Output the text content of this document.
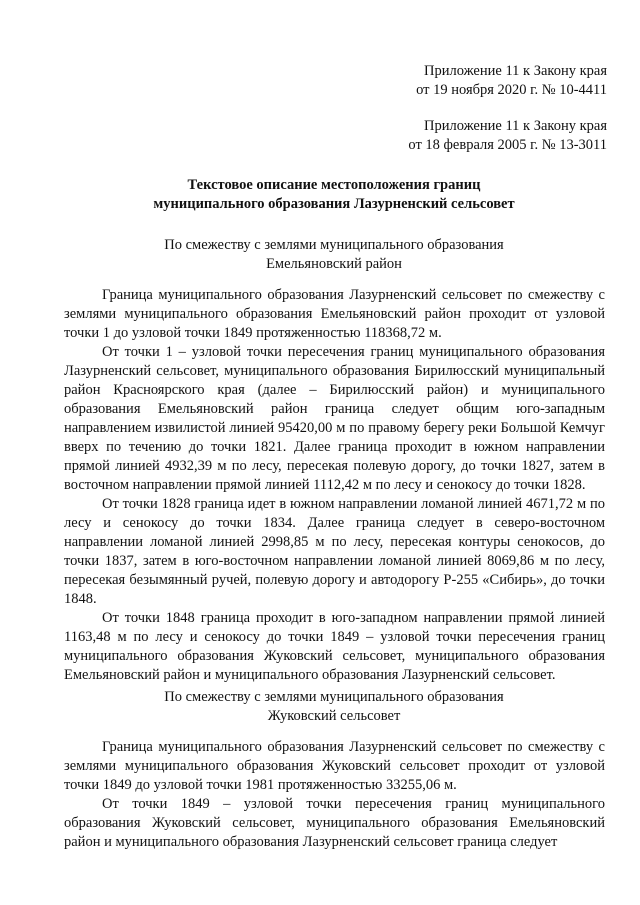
Приложение 11 к Закону края

от 19 ноября 2020 г. № 10-4411

Приложение 11 к Закону края

от 18 февраля 2005 г. № 13-3011

Текстовое описание местоположения границ

муниципального образования Лазурненский сельсовет

По смежеству с землями муниципального образования

Емельяновский район

Граница муниципального образования Лазурненский сельсовет по смежеству с землями муниципального образования Емельяновский район проходит от узловой точки 1 до узловой точки 1849 протяженностью 118368,72 м.

От точки 1 – узловой точки пересечения границ муниципального образования Лазурненский сельсовет, муниципального образования Бирилюсский муниципальный район Красноярского края (далее – Бирилюсский район) и муниципального образования Емельяновский район граница следует общим юго-западным направлением извилистой линией 95420,00 м по правому берегу реки Большой Кемчуг вверх по течению до точки 1821. Далее граница проходит в южном направлении прямой линией 4932,39 м по лесу, пересекая полевую дорогу, до точки 1827, затем в восточном направлении прямой линией 1112,42 м по лесу и сенокосу до точки 1828.

От точки 1828 граница идет в южном направлении ломаной линией 4671,72 м по лесу и сенокосу до точки 1834. Далее граница следует в северо-восточном направлении ломаной линией 2998,85 м по лесу, пересекая контуры сенокосов, до точки 1837, затем в юго-восточном направлении ломаной линией 8069,86 м по лесу, пересекая безымянный ручей, полевую дорогу и автодорогу Р-255 «Сибирь», до точки 1848.

От точки 1848 граница проходит в юго-западном направлении прямой линией 1163,48 м по лесу и сенокосу до точки 1849 – узловой точки пересечения границ муниципального образования Жуковский сельсовет, муниципального образования Емельяновский район и муниципального образования Лазурненский сельсовет.

По смежеству с землями муниципального образования

Жуковский сельсовет

Граница муниципального образования Лазурненский сельсовет по смежеству с землями муниципального образования Жуковский сельсовет проходит от узловой точки 1849 до узловой точки 1981 протяженностью 33255,06 м.

От точки 1849 – узловой точки пересечения границ муниципального образования Жуковский сельсовет, муниципального образования Емельяновский район и муниципального образования Лазурненский сельсовет граница следует
